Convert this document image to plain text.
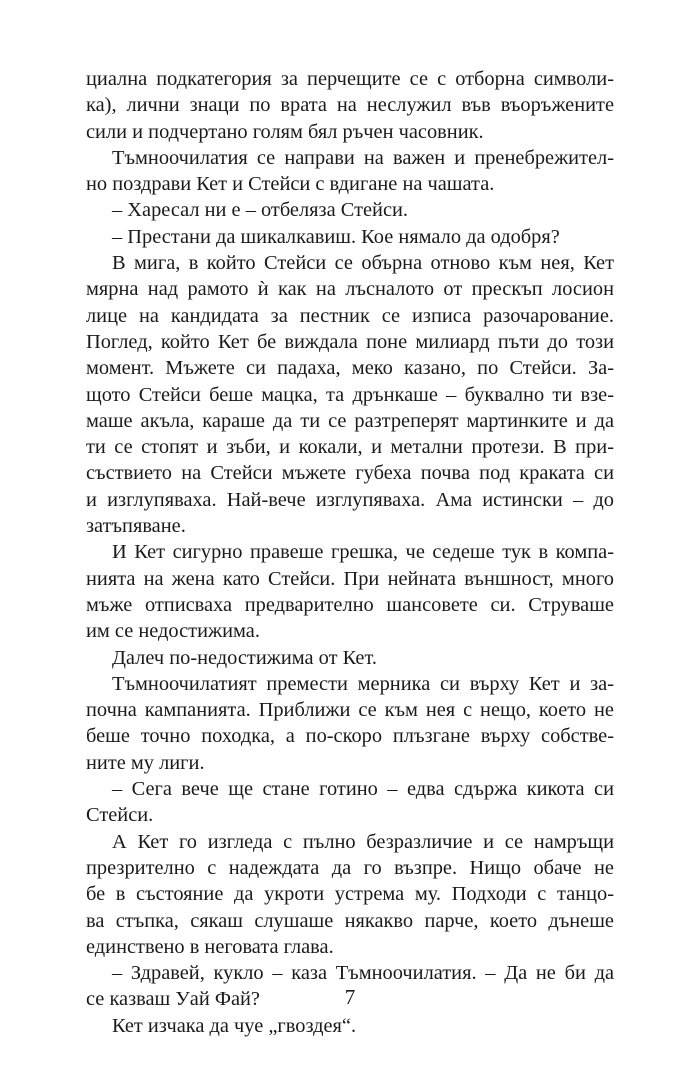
циална подкатегория за перчещите се с отборна символи-
ка), лични знаци по врата на неслужил във въоръжените
сили и подчертано голям бял ръчен часовник.
Тъмноочилатия се направи на важен и пренебрежител-
но поздрави Кет и Стейси с вдигане на чашата.
– Харесал ни е – отбеляза Стейси.
– Престани да шикалкавиш. Кое нямало да одобря?
В мига, в който Стейси се обърна отново към нея, Кет
мярна над рамото ѝ как на лъсналото от прескъп лосион
лице на кандидата за пестник се изписа разочарование.
Поглед, който Кет бе виждала поне милиард пъти до този
момент. Мъжете си падаха, меко казано, по Стейси. За-
щото Стейси беше мацка, та дрънкаше – буквално ти взе-
маше акъла, караше да ти се разтреперят мартинките и да
ти се стопят и зъби, и кокали, и метални протези. В при-
съствието на Стейси мъжете губеха почва под краката си
и изглупяваха. Най-вече изглупяваха. Ама истински – до
затъпяване.
И Кет сигурно правеше грешка, че седеше тук в компа-
нията на жена като Стейси. При нейната външност, много
мъже отписваха предварително шансовете си. Струваше
им се недостижима.
Далеч по-недостижима от Кет.
Тъмноочилатият премести мерника си върху Кет и за-
почна кампанията. Приближи се към нея с нещо, което не
беше точно походка, а по-скоро плъзгане върху собстве-
ните му лиги.
– Сега вече ще стане готино – едва сдържа кикота си
Стейси.
А Кет го изгледа с пълно безразличие и се намръщи
презрително с надеждата да го възпре. Нищо обаче не
бе в състояние да укроти устрема му. Подходи с танцо-
ва стъпка, сякаш слушаше някакво парче, което дънеше
единствено в неговата глава.
– Здравей, кукло – каза Тъмноочилатия. – Да не би да
се казваш Уай Фай?
Кет изчака да чуе „гвоздея“.
7
